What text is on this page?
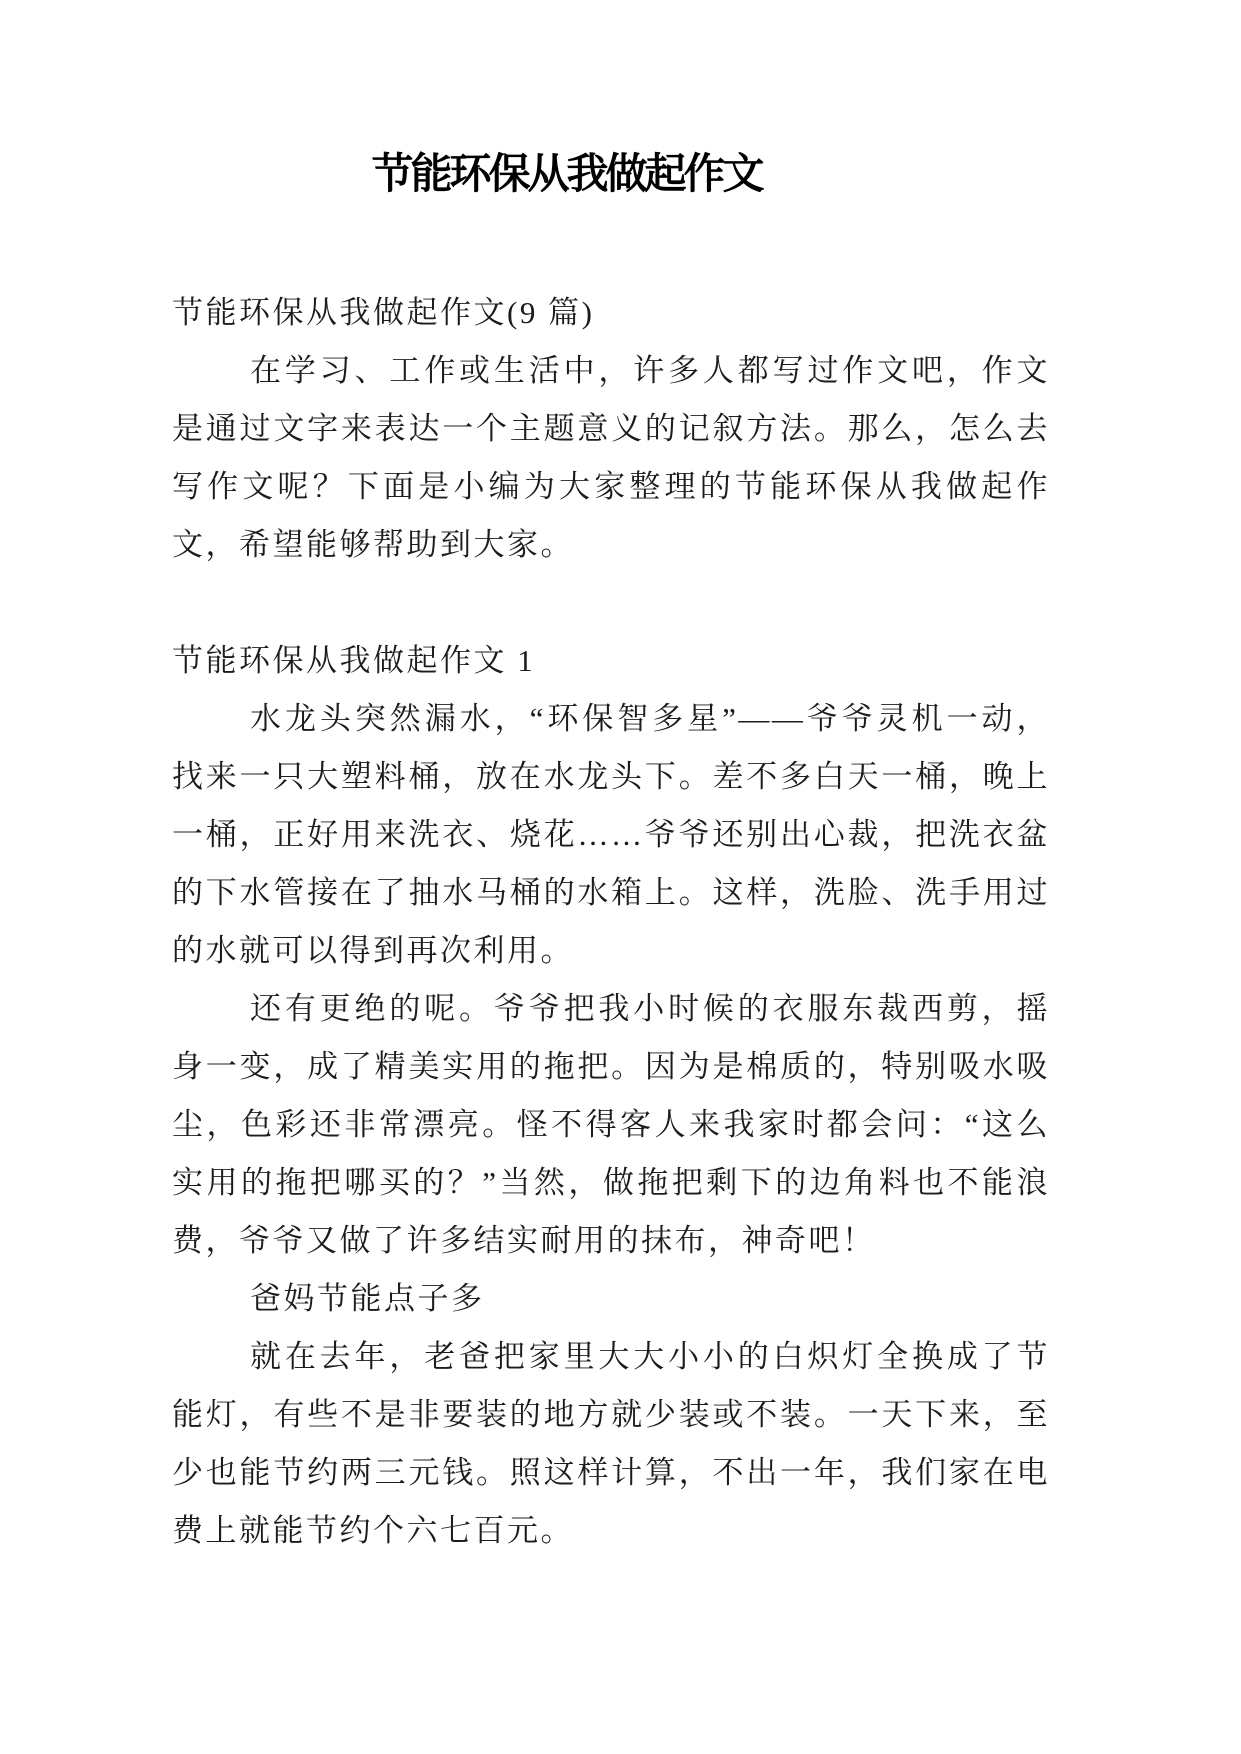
节能环保从我做起作文

节能环保从我做起作文(9 篇)

在学习、工作或生活中，许多人都写过作文吧，作文是通过文字来表达一个主题意义的记叙方法。那么，怎么去写作文呢？下面是小编为大家整理的节能环保从我做起作文，希望能够帮助到大家。

节能环保从我做起作文 1

水龙头突然漏水，“环保智多星”——爷爷灵机一动，找来一只大塑料桶，放在水龙头下。差不多白天一桶，晚上一桶，正好用来洗衣、烧花……爷爷还别出心裁，把洗衣盆的下水管接在了抽水马桶的水箱上。这样，洗脸、洗手用过的水就可以得到再次利用。

还有更绝的呢。爷爷把我小时候的衣服东裁西剪，摇身一变，成了精美实用的拖把。因为是棉质的，特别吸水吸尘，色彩还非常漂亮。怪不得客人来我家时都会问：“这么实用的拖把哪买的？”当然，做拖把剩下的边角料也不能浪费，爷爷又做了许多结实耐用的抹布，神奇吧！

爸妈节能点子多

就在去年，老爸把家里大大小小的白炽灯全换成了节能灯，有些不是非要装的地方就少装或不装。一天下来，至少也能节约两三元钱。照这样计算，不出一年，我们家在电费上就能节约个六七百元。
